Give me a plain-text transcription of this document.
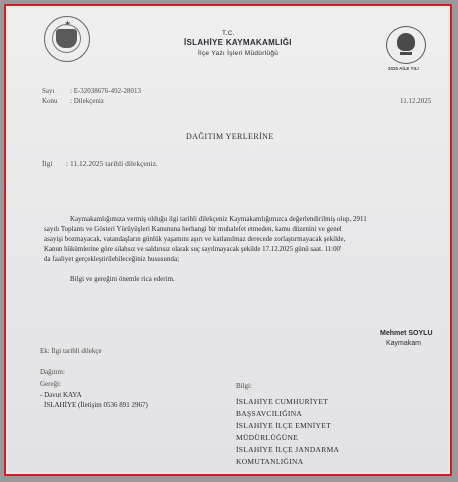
★
2025 AİLE YILI
T.C.
İSLAHİYE KAYMAKAMLIĞI
İlçe Yazı İşleri Müdürlüğü
Sayı : E-32038676-492-28013
Konu : Dilekçeniz	11.12.2025
DAĞITIM YERLERİNE
İlgi : 11.12.2025 tarihli dilekçeniz.
Kaymakamlığımıza vermiş olduğu ilgi tarihli dilekçeniz Kaymakamlığımızca değerlendirilmiş olup, 2911
sayılı Toplantı ve Gösteri Yürüyüşleri Kanununa herhangi bir muhalefet etmeden, kamu düzenini ve genel
asayişi bozmayacak, vatandaşların günlük yaşamını aşırı ve katlanılmaz derecede zorlaştırmayacak şekilde,
Kanun hükümlerine göre silahsız ve saldırısız olarak suç sayılmayacak şekilde 17.12.2025 günü saat. 11:00'
da faaliyet gerçekleştirilebileceğiniz hususunda;
Bilgi ve gereğini önemle rica ederim.
Mehmet SOYLU
Kaymakam
Ek: İlgi tarihli dilekçe
Dağıtım:
Gereği:
- Davut KAYA
İSLAHİYE (İletişim 0536 891 2967)
Bilgi:
İSLAHİYE CUMHURİYET
BAŞSAVCILIĞINA
İSLAHİYE İLÇE EMNİYET
MÜDÜRLÜĞÜNE
İSLAHİYE İLÇE JANDARMA
KOMUTANLIĞINA
